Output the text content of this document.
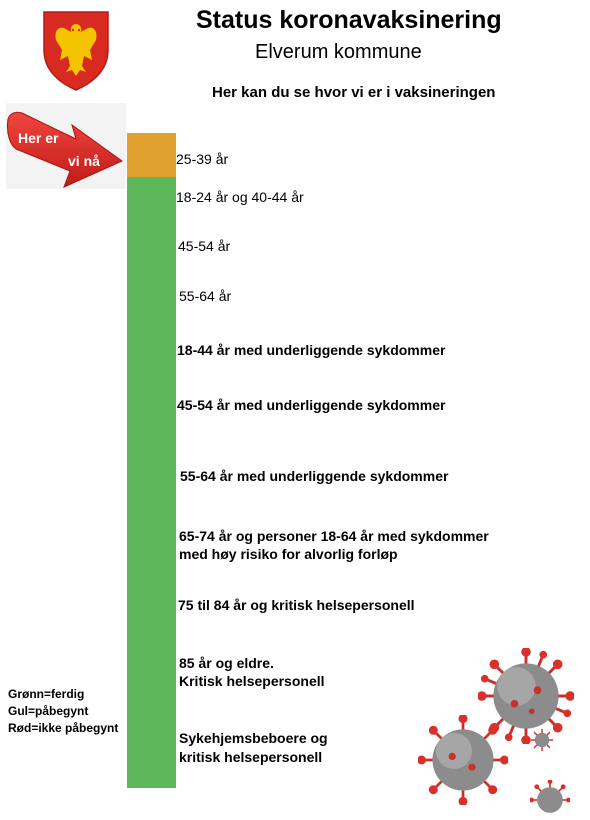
Status koronavaksinering
Elverum kommune
Her kan du se hvor vi er i vaksineringen
Her er
vi nå	25-39 år
18-24 år og 40-44 år
45-54 år
55-64 år
18-44 år med underliggende sykdommer
45-54 år med underliggende sykdommer
55-64 år med underliggende sykdommer
65-74 år og personer 18-64 år med sykdommer
med høy risiko for alvorlig forløp
75 til 84 år og kritisk helsepersonell
85 år og eldre.
Kritisk helsepersonell
Sykehjemsbeboere og
kritisk helsepersonell
Grønn=ferdig
Gul=påbegynt
Rød=ikke påbegynt
